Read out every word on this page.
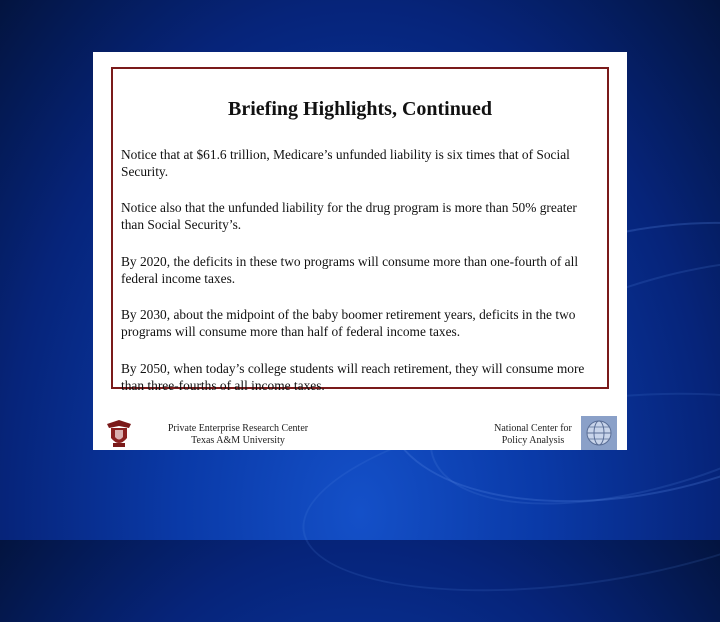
Briefing Highlights, Continued
Notice that at $61.6 trillion, Medicare’s unfunded liability is six times that of Social Security.
Notice also that the unfunded liability for the drug program is more than 50% greater than Social Security’s.
By 2020, the deficits in these two programs will consume more than one-fourth of all federal income taxes.
By 2030, about the midpoint of the baby boomer retirement years, deficits in the two programs will consume more than half of federal income taxes.
By 2050, when today’s college students will reach retirement, they will consume more than three-fourths of all income taxes.
Private Enterprise Research Center
Texas A&M University
National Center for
Policy Analysis
